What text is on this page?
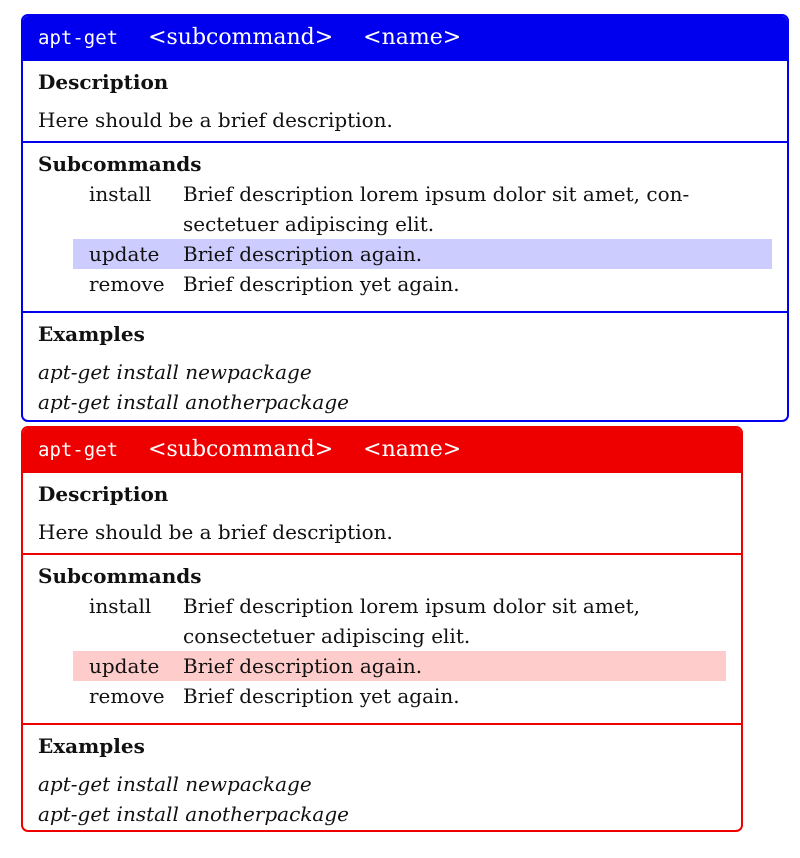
apt-get <subcommand> <name>
Description
Here should be a brief description.
Subcommands
install	Brief description lorem ipsum dolor sit amet, con-
sectetuer adipiscing elit.
update	Brief description again.
remove Brief description yet again.
Examples
apt-get install newpackage
apt-get install anotherpackage
apt-get <subcommand> <name>
Description
Here should be a brief description.
Subcommands
install	Brief description lorem ipsum dolor sit amet,
consectetuer adipiscing elit.
update	Brief description again.
remove Brief description yet again.
Examples
apt-get install newpackage
apt-get install anotherpackage
